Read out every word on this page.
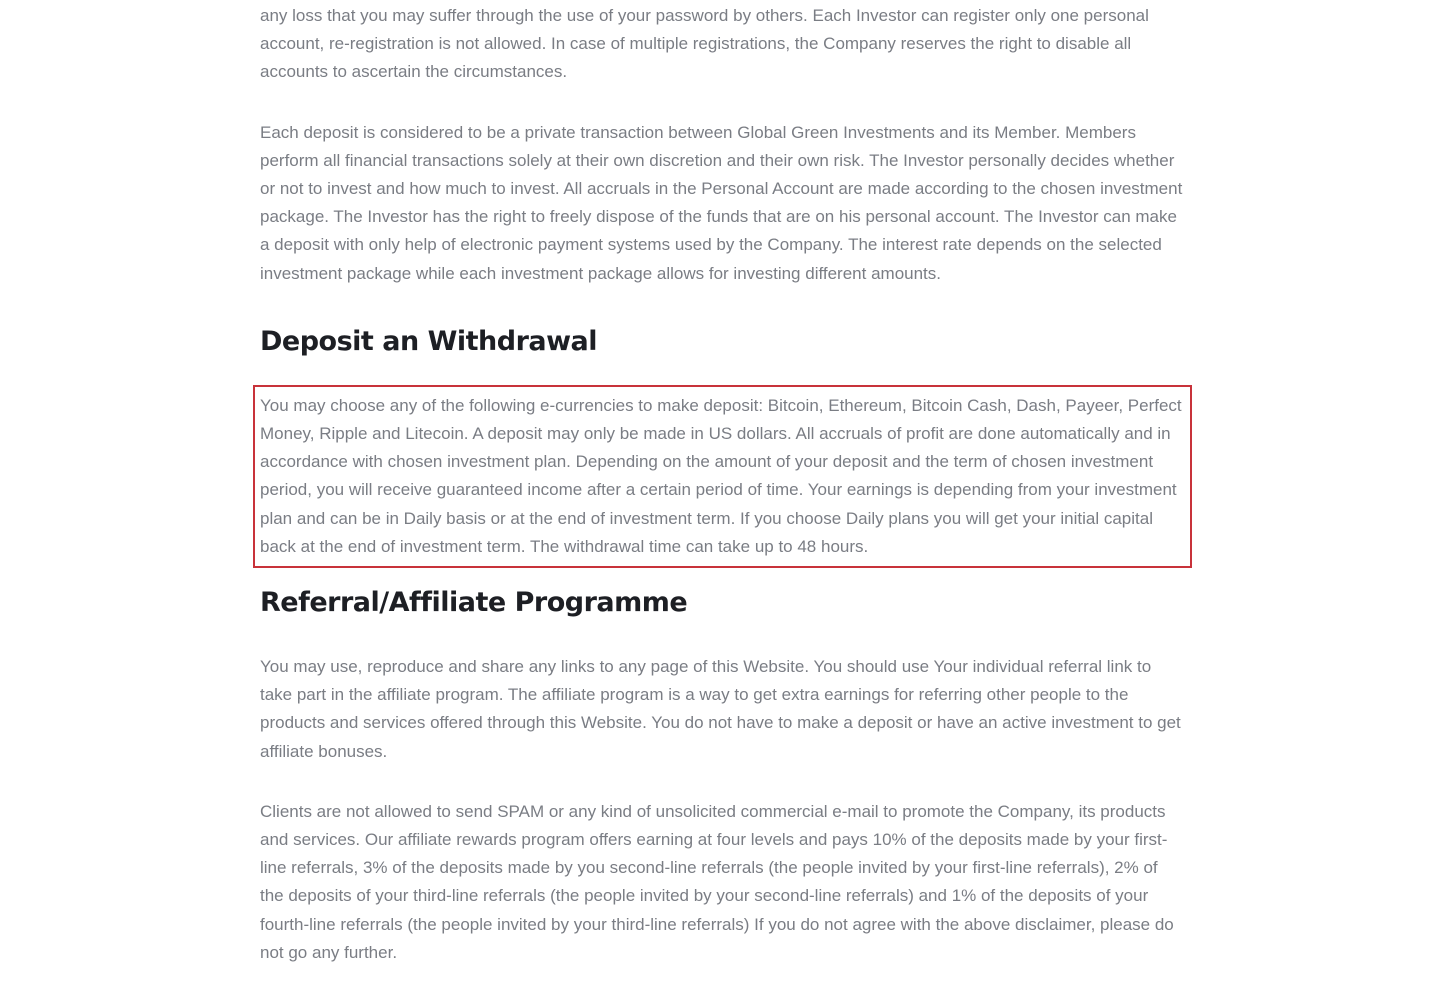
any loss that you may suffer through the use of your password by others. Each Investor can register only one personal account, re-registration is not allowed. In case of multiple registrations, the Company reserves the right to disable all accounts to ascertain the circumstances.

Each deposit is considered to be a private transaction between Global Green Investments and its Member. Members perform all financial transactions solely at their own discretion and their own risk. The Investor personally decides whether or not to invest and how much to invest. All accruals in the Personal Account are made according to the chosen investment package. The Investor has the right to freely dispose of the funds that are on his personal account. The Investor can make a deposit with only help of electronic payment systems used by the Company. The interest rate depends on the selected investment package while each investment package allows for investing different amounts.

Deposit an Withdrawal

You may choose any of the following e-currencies to make deposit: Bitcoin, Ethereum, Bitcoin Cash, Dash, Payeer, Perfect Money, Ripple and Litecoin. A deposit may only be made in US dollars. All accruals of profit are done automatically and in accordance with chosen investment plan. Depending on the amount of your deposit and the term of chosen investment period, you will receive guaranteed income after a certain period of time. Your earnings is depending from your investment plan and can be in Daily basis or at the end of investment term. If you choose Daily plans you will get your initial capital back at the end of investment term. The withdrawal time can take up to 48 hours.

Referral/Affiliate Programme

You may use, reproduce and share any links to any page of this Website. You should use Your individual referral link to take part in the affiliate program. The affiliate program is a way to get extra earnings for referring other people to the products and services offered through this Website. You do not have to make a deposit or have an active investment to get affiliate bonuses.

Clients are not allowed to send SPAM or any kind of unsolicited commercial e-mail to promote the Company, its products and services. Our affiliate rewards program offers earning at four levels and pays 10% of the deposits made by your first-line referrals, 3% of the deposits made by you second-line referrals (the people invited by your first-line referrals), 2% of the deposits of your third-line referrals (the people invited by your second-line referrals) and 1% of the deposits of your fourth-line referrals (the people invited by your third-line referrals) If you do not agree with the above disclaimer, please do not go any further.
